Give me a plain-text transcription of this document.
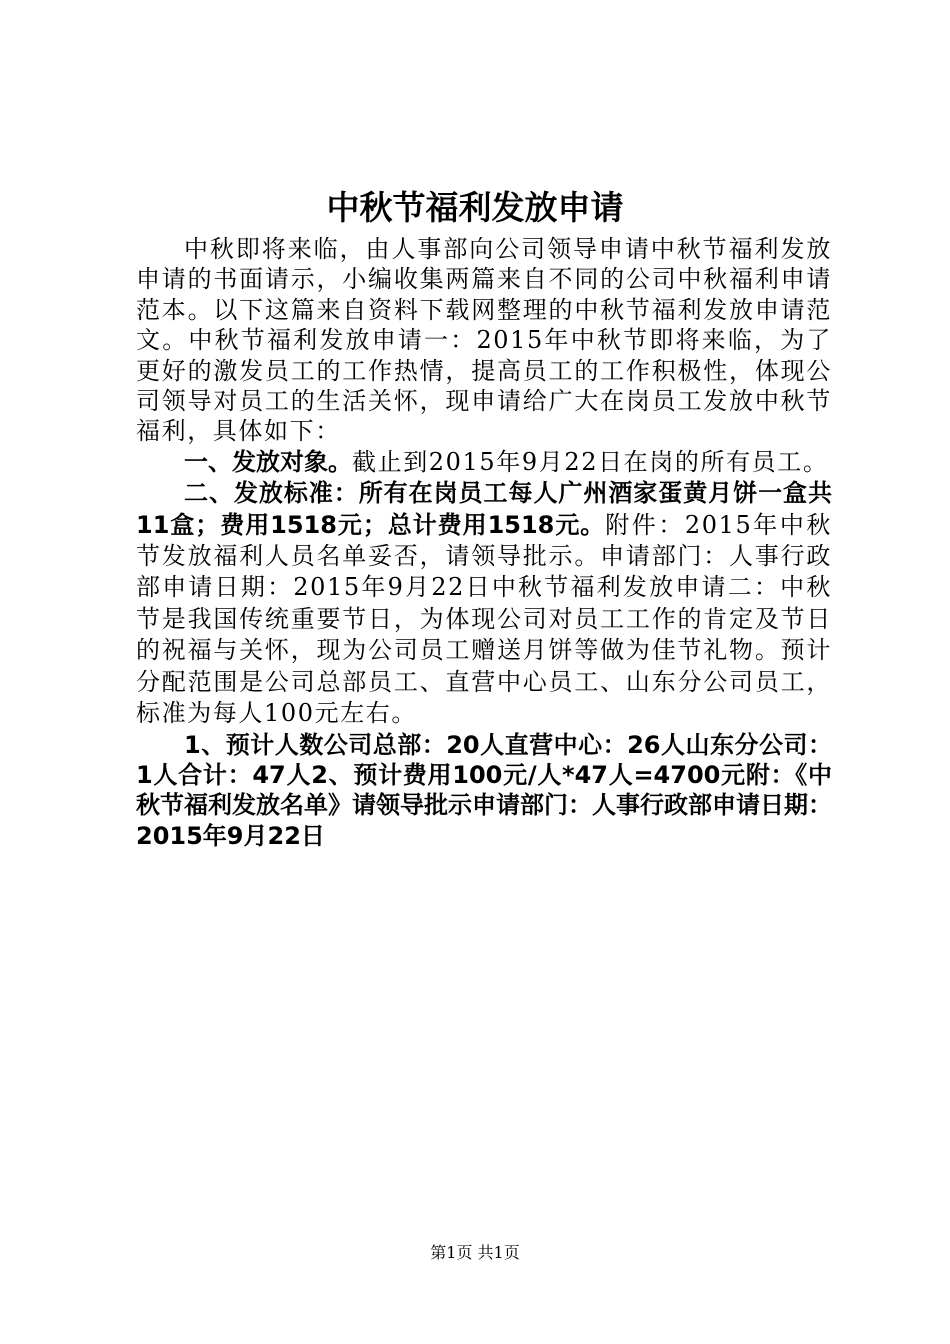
中秋节福利发放申请

中秋即将来临，由人事部向公司领导申请中秋节福利发放申请的书面请示，小编收集两篇来自不同的公司中秋福利申请范本。以下这篇来自资料下载网整理的中秋节福利发放申请范文。中秋节福利发放申请一：2015年中秋节即将来临，为了更好的激发员工的工作热情，提高员工的工作积极性，体现公司领导对员工的生活关怀，现申请给广大在岗员工发放中秋节福利，具体如下：

一、发放对象。截止到2015年9月22日在岗的所有员工。

二、发放标准：所有在岗员工每人广州酒家蛋黄月饼一盒共11盒；费用1518元；总计费用1518元。附件：2015年中秋节发放福利人员名单妥否，请领导批示。申请部门：人事行政部申请日期：2015年9月22日中秋节福利发放申请二：中秋节是我国传统重要节日，为体现公司对员工工作的肯定及节日的祝福与关怀，现为公司员工赠送月饼等做为佳节礼物。预计分配范围是公司总部员工、直营中心员工、山东分公司员工，标准为每人100元左右。

1、预计人数公司总部：20人直营中心：26人山东分公司：1人合计：47人2、预计费用100元/人*47人=4700元附：《中秋节福利发放名单》请领导批示申请部门：人事行政部申请日期：2015年9月22日

第1页 共1页
